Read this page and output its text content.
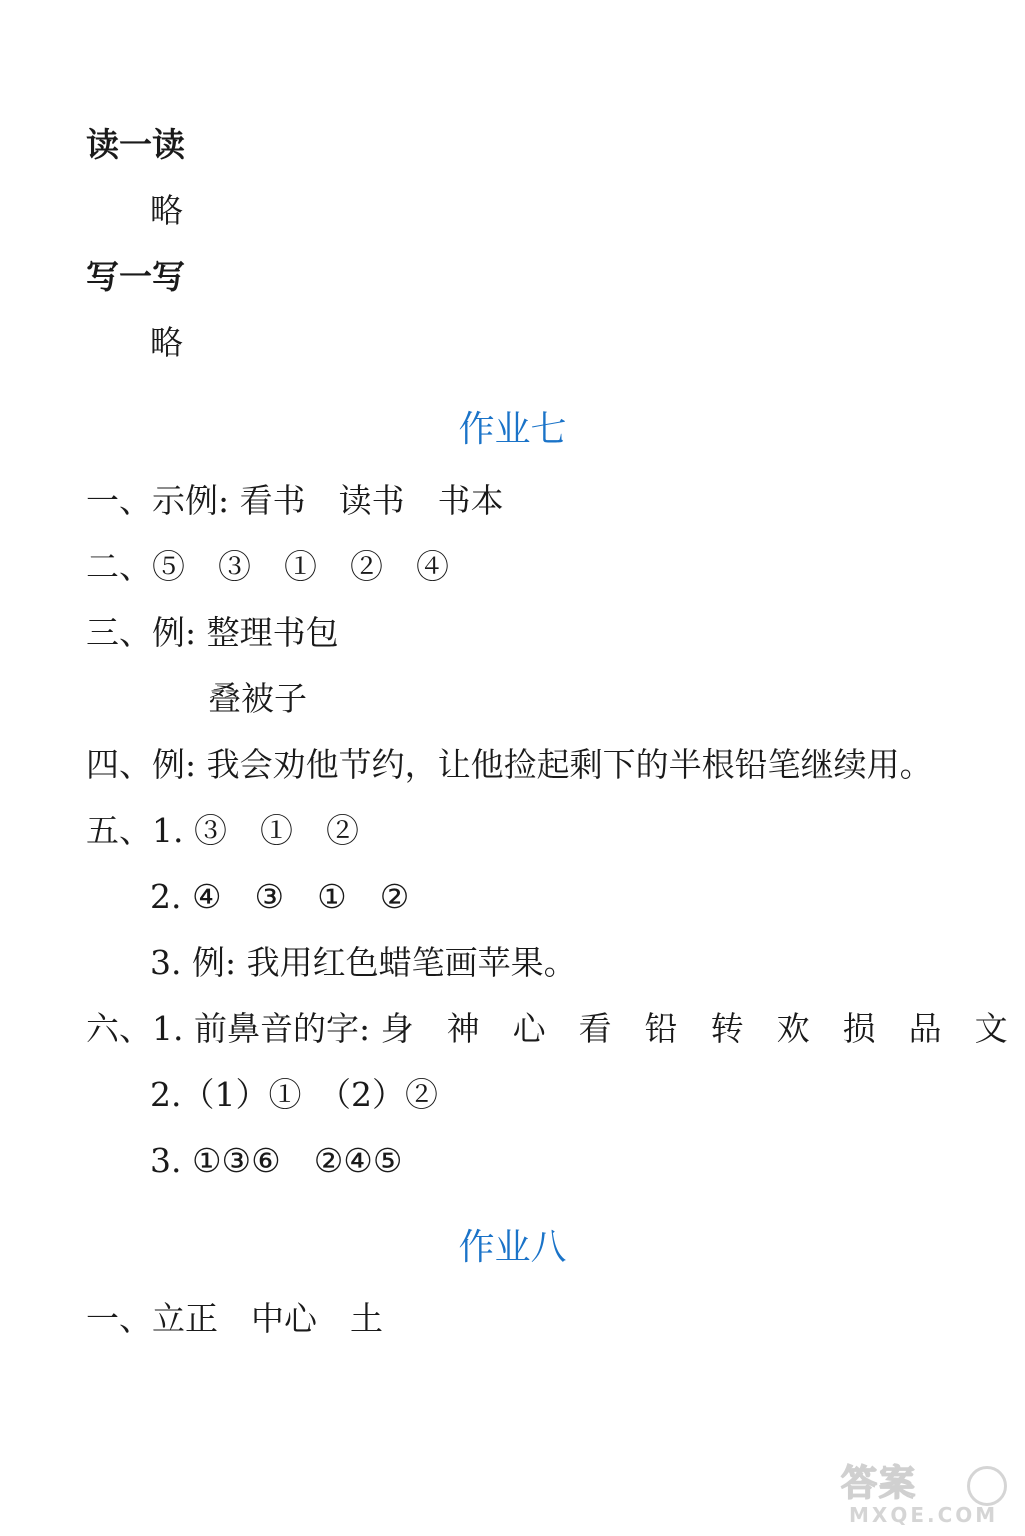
读一读
略
写一写
略
作业七
一、示例: 看书　读书　书本
二、⑤　③　①　②　④
三、例: 整理书包
叠被子
四、例: 我会劝他节约，让他捡起剩下的半根铅笔继续用。
五、1. ③　①　②
2. ④　③　①　②
3. 例: 我用红色蜡笔画苹果。
六、1. 前鼻音的字: 身　神　心　看　铅　转　欢　损　品　文
2.（1）①　（2）②
3. ①③⑥　②④⑤
作业八
一、立正　中心　土
答案
MXQE.COM
